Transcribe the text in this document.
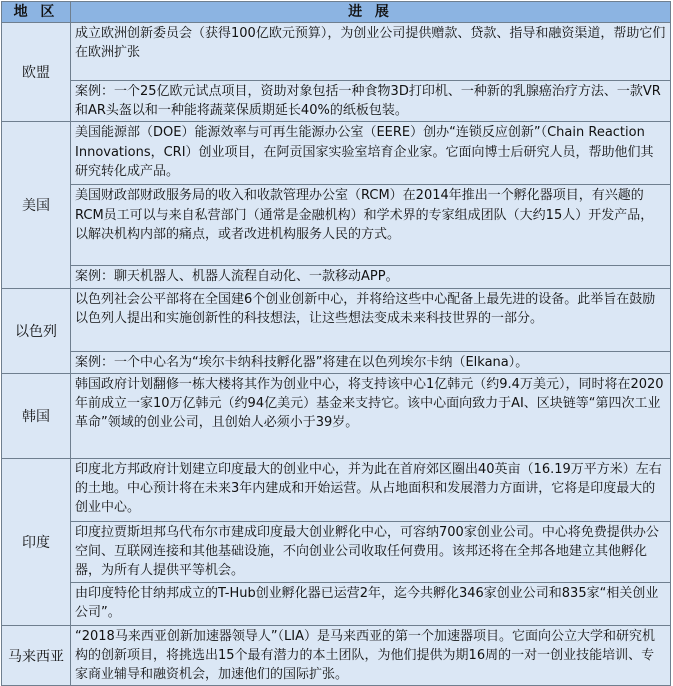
地 区	进 展
欧盟	成立欧洲创新委员会（获得100亿欧元预算），为创业公司提供赠款、贷款、指导和融资渠道，帮助它们在欧洲扩张
	案例：一个25亿欧元试点项目，资助对象包括一种食物3D打印机、一种新的乳腺癌治疗方法、一款VR和AR头盔以和一种能将蔬菜保质期延长40%的纸板包装。
美国	美国能源部（DOE）能源效率与可再生能源办公室（EERE）创办“连锁反应创新”（Chain Reaction Innovations，CRI）创业项目，在阿贡国家实验室培育企业家。它面向博士后研究人员，帮助他们其研究转化成产品。
	美国财政部财政服务局的收入和收款管理办公室（RCM）在2014年推出一个孵化器项目，有兴趣的RCM员工可以与来自私营部门（通常是金融机构）和学术界的专家组成团队（大约15人）开发产品，以解决机构内部的痛点，或者改进机构服务人民的方式。
	案例：聊天机器人、机器人流程自动化、一款移动APP。
以色列	以色列社会公平部将在全国建6个创业创新中心，并将给这些中心配备上最先进的设备。此举旨在鼓励以色列人提出和实施创新性的科技想法，让这些想法变成未来科技世界的一部分。
	案例：一个中心名为“埃尔卡纳科技孵化器”将建在以色列埃尔卡纳（Elkana）。
韩国	韩国政府计划翻修一栋大楼将其作为创业中心，将支持该中心1亿韩元（约9.4万美元），同时将在2020年前成立一家10万亿韩元（约94亿美元）基金来支持它。该中心面向致力于AI、区块链等“第四次工业革命”领域的创业公司，且创始人必须小于39岁。
印度	印度北方邦政府计划建立印度最大的创业中心，并为此在首府郊区圈出40英亩（16.19万平方米）左右的土地。中心预计将在未来3年内建成和开始运营。从占地面积和发展潜力方面讲，它将是印度最大的创业中心。
	印度拉贾斯坦邦乌代布尔市建成印度最大创业孵化中心，可容纳700家创业公司。中心将免费提供办公空间、互联网连接和其他基础设施，不向创业公司收取任何费用。该邦还将在全邦各地建立其他孵化器，为所有人提供平等机会。
	由印度特伦甘纳邦成立的T-Hub创业孵化器已运营2年，迄今共孵化346家创业公司和835家“相关创业公司”。
马来西亚	“2018马来西亚创新加速器领导人”（LIA）是马来西亚的第一个加速器项目。它面向公立大学和研究机构的创新项目，将挑选出15个最有潜力的本土团队，为他们提供为期16周的一对一创业技能培训、专家商业辅导和融资机会，加速他们的国际扩张。
